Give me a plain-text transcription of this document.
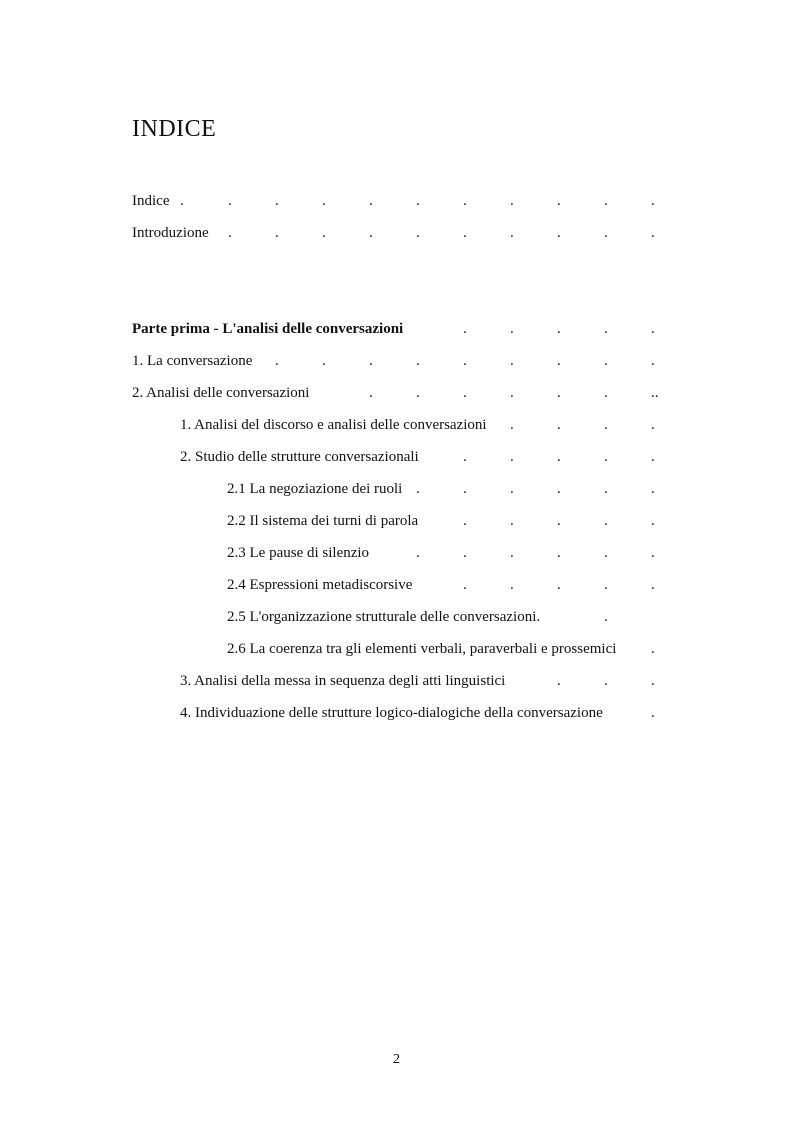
INDICE
Indice .	.	.	.	.	.	.	.	.	.	.
Introduzione .	.	.	.	.	.	.	.	.	.
Parte prima - L'analisi delle conversazioni	.	.	.	.	.
1. La conversazione .	.	.	.	.	.	.	.	.
2. Analisi delle conversazioni	.	.	.	.	.	.	..
1. Analisi del discorso e analisi delle conversazioni .	.	.	.
2. Studio delle strutture conversazionali	.	.	.	.	.
2.1 La negoziazione dei ruoli .	.	.	.	.	.
2.2 Il sistema dei turni di parola	.	.	.	.	.
2.3 Le pause di silenzio	.	.	.	.	.	.
2.4 Espressioni metadiscorsive	.	.	.	.	.
2.5 L'organizzazione strutturale delle conversazioni.	.
2.6 La coerenza tra gli elementi verbali, paraverbali e prossemici .
3. Analisi della messa in sequenza degli atti linguistici	.	.	.
4. Individuazione delle strutture logico-dialogiche della conversazione	.
2
